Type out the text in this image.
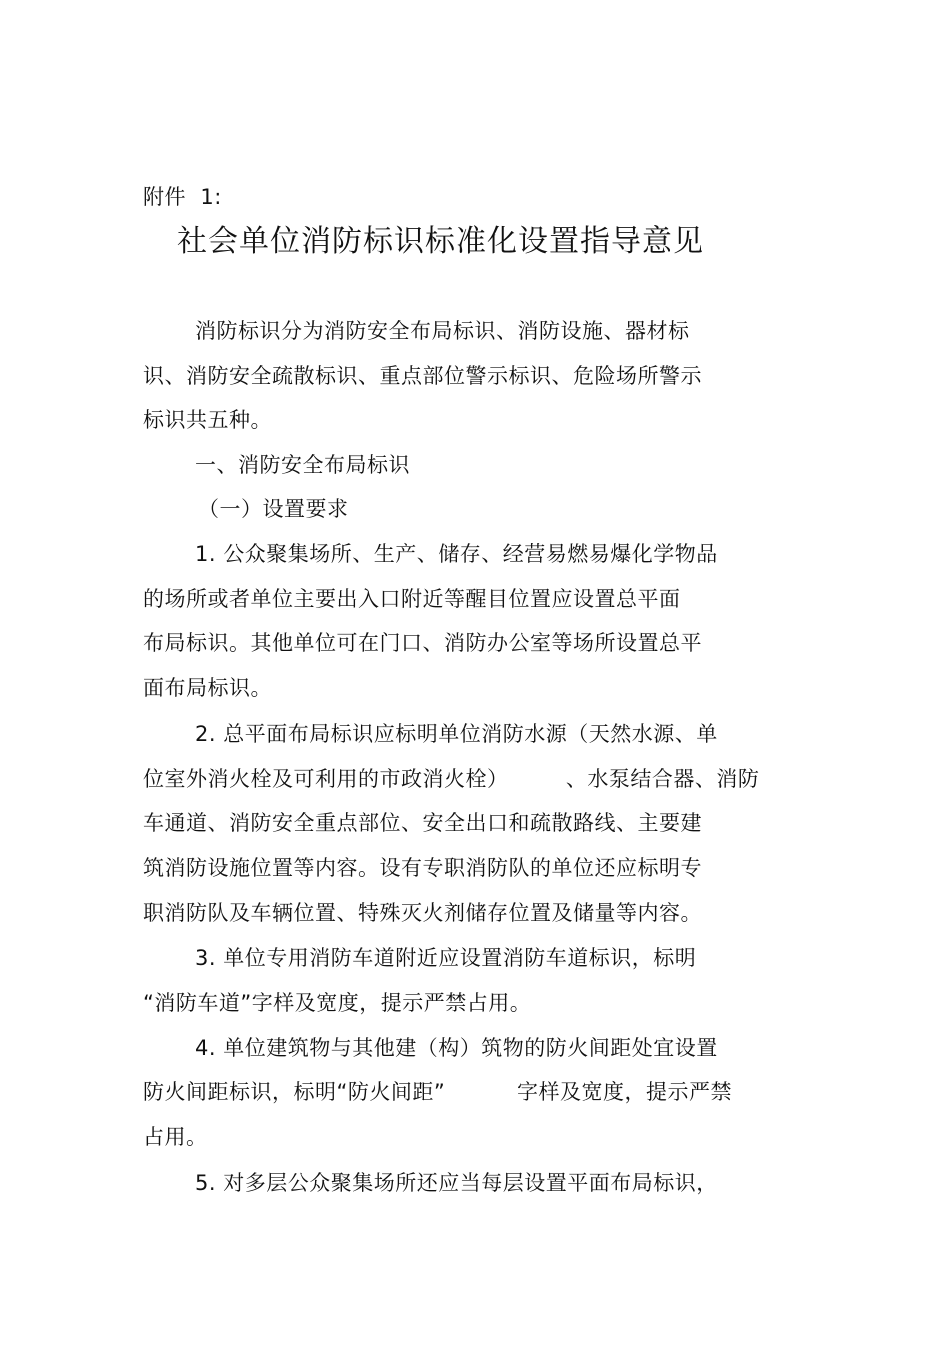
附件  1:
社会单位消防标识标准化设置指导意见
消防标识分为消防安全布局标识、消防设施、器材标
识、消防安全疏散标识、重点部位警示标识、危险场所警示
标识共五种。
一、消防安全布局标识
（一）设置要求
1. 公众聚集场所、生产、储存、经营易燃易爆化学物品
的场所或者单位主要出入口附近等醒目位置应设置总平面
布局标识。其他单位可在门口、消防办公室等场所设置总平
面布局标识。
2. 总平面布局标识应标明单位消防水源（天然水源、单
位室外消火栓及可利用的市政消火栓）        、水泵结合器、消防
车通道、消防安全重点部位、安全出口和疏散路线、主要建
筑消防设施位置等内容。设有专职消防队的单位还应标明专
职消防队及车辆位置、特殊灭火剂储存位置及储量等内容。
3. 单位专用消防车道附近应设置消防车道标识，标明
“消防车道”字样及宽度，提示严禁占用。
4. 单位建筑物与其他建（构）筑物的防火间距处宜设置
防火间距标识，标明“防火间距”          字样及宽度，提示严禁
占用。
5. 对多层公众聚集场所还应当每层设置平面布局标识，
